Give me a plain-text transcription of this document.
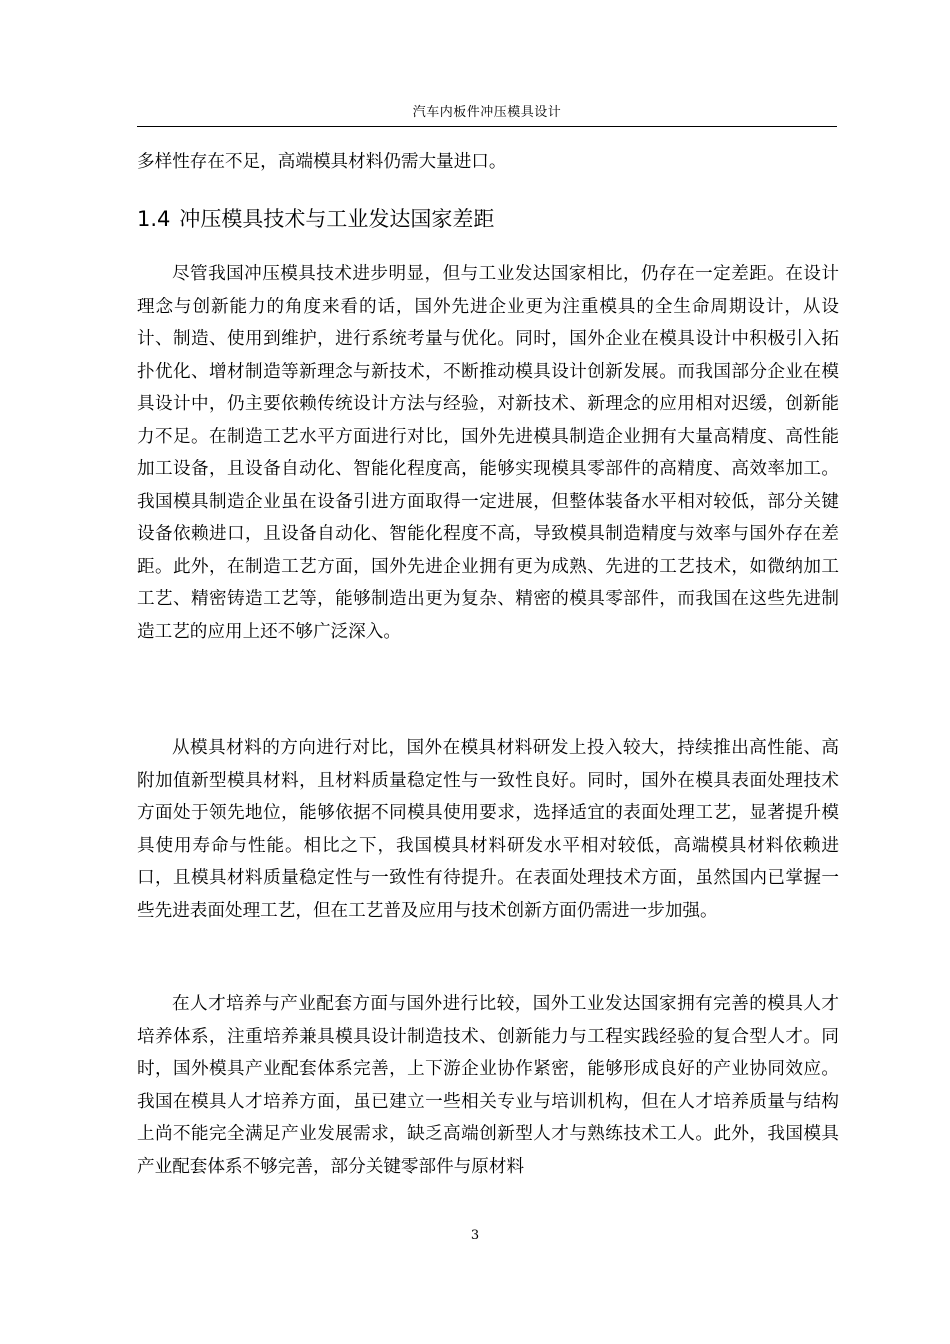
汽车内板件冲压模具设计

多样性存在不足，高端模具材料仍需大量进口。

1.4 冲压模具技术与工业发达国家差距

尽管我国冲压模具技术进步明显，但与工业发达国家相比，仍存在一定差距。在设计理念与创新能力的角度来看的话，国外先进企业更为注重模具的全生命周期设计，从设计、制造、使用到维护，进行系统考量与优化。同时，国外企业在模具设计中积极引入拓扑优化、增材制造等新理念与新技术，不断推动模具设计创新发展。而我国部分企业在模具设计中，仍主要依赖传统设计方法与经验，对新技术、新理念的应用相对迟缓，创新能力不足。在制造工艺水平方面进行对比，国外先进模具制造企业拥有大量高精度、高性能加工设备，且设备自动化、智能化程度高，能够实现模具零部件的高精度、高效率加工。我国模具制造企业虽在设备引进方面取得一定进展，但整体装备水平相对较低，部分关键设备依赖进口，且设备自动化、智能化程度不高，导致模具制造精度与效率与国外存在差距。此外，在制造工艺方面，国外先进企业拥有更为成熟、先进的工艺技术，如微纳加工工艺、精密铸造工艺等，能够制造出更为复杂、精密的模具零部件，而我国在这些先进制造工艺的应用上还不够广泛深入。

从模具材料的方向进行对比，国外在模具材料研发上投入较大，持续推出高性能、高附加值新型模具材料，且材料质量稳定性与一致性良好。同时，国外在模具表面处理技术方面处于领先地位，能够依据不同模具使用要求，选择适宜的表面处理工艺，显著提升模具使用寿命与性能。相比之下，我国模具材料研发水平相对较低，高端模具材料依赖进口，且模具材料质量稳定性与一致性有待提升。在表面处理技术方面，虽然国内已掌握一些先进表面处理工艺，但在工艺普及应用与技术创新方面仍需进一步加强。

在人才培养与产业配套方面与国外进行比较，国外工业发达国家拥有完善的模具人才培养体系，注重培养兼具模具设计制造技术、创新能力与工程实践经验的复合型人才。同时，国外模具产业配套体系完善，上下游企业协作紧密，能够形成良好的产业协同效应。我国在模具人才培养方面，虽已建立一些相关专业与培训机构，但在人才培养质量与结构上尚不能完全满足产业发展需求，缺乏高端创新型人才与熟练技术工人。此外，我国模具产业配套体系不够完善，部分关键零部件与原材料

3
